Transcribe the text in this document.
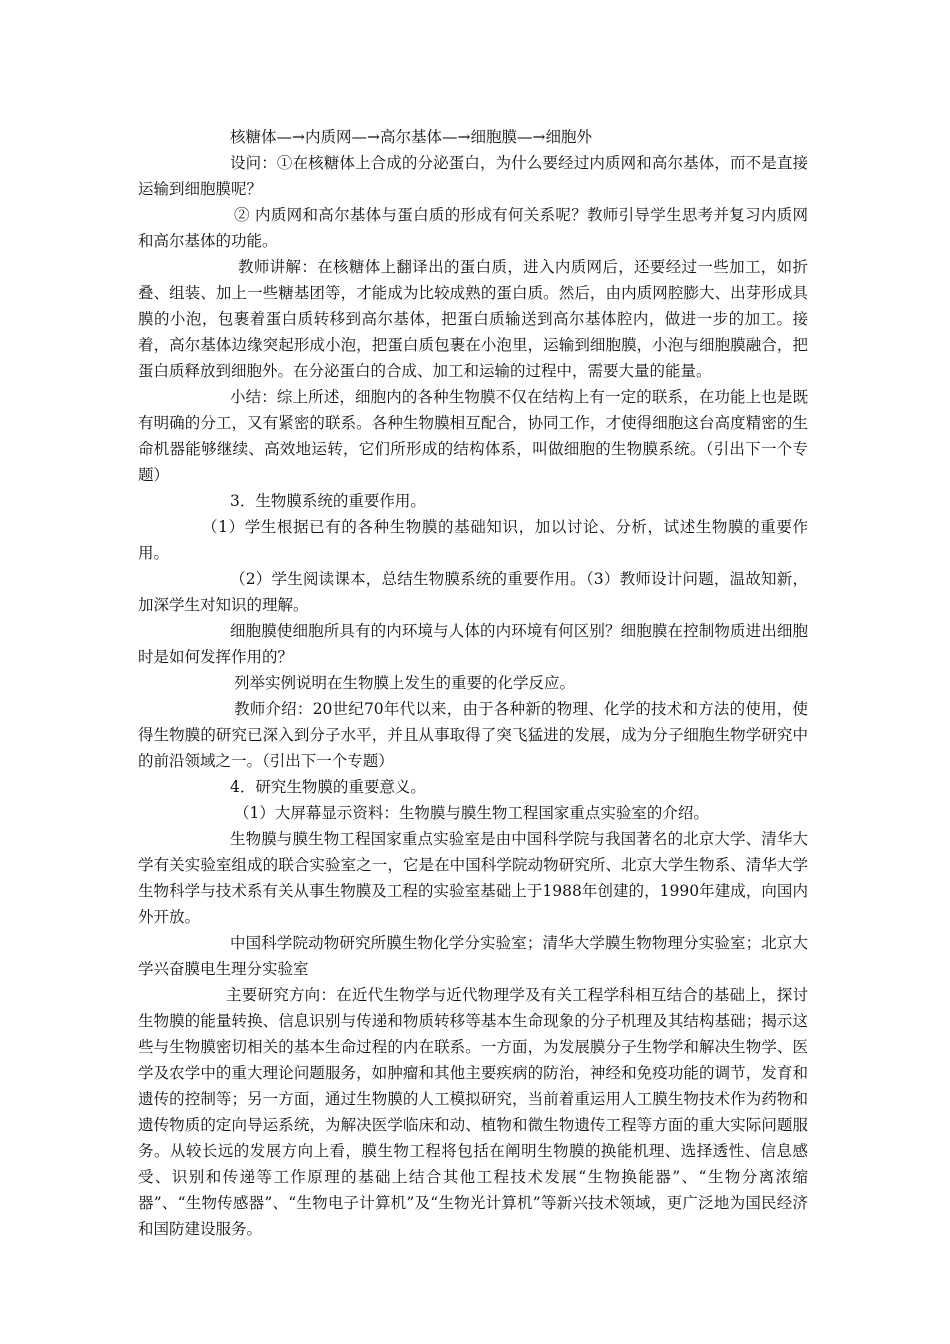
核糖体—→内质网—→高尔基体—→细胞膜—→细胞外

设问：①在核糖体上合成的分泌蛋白，为什么要经过内质网和高尔基体，而不是直接运输到细胞膜呢？

② 内质网和高尔基体与蛋白质的形成有何关系呢？教师引导学生思考并复习内质网和高尔基体的功能。

教师讲解：在核糖体上翻译出的蛋白质，进入内质网后，还要经过一些加工，如折叠、组装、加上一些糖基团等，才能成为比较成熟的蛋白质。然后，由内质网腔膨大、出芽形成具膜的小泡，包裹着蛋白质转移到高尔基体，把蛋白质输送到高尔基体腔内，做进一步的加工。接着，高尔基体边缘突起形成小泡，把蛋白质包裹在小泡里，运输到细胞膜，小泡与细胞膜融合，把蛋白质释放到细胞外。在分泌蛋白的合成、加工和运输的过程中，需要大量的能量。

小结：综上所述，细胞内的各种生物膜不仅在结构上有一定的联系，在功能上也是既有明确的分工，又有紧密的联系。各种生物膜相互配合，协同工作，才使得细胞这台高度精密的生命机器能够继续、高效地运转，它们所形成的结构体系，叫做细胞的生物膜系统。（引出下一个专题）

3．生物膜系统的重要作用。

（1）学生根据已有的各种生物膜的基础知识，加以讨论、分析，试述生物膜的重要作用。

（2）学生阅读课本，总结生物膜系统的重要作用。（3）教师设计问题，温故知新，加深学生对知识的理解。

细胞膜使细胞所具有的内环境与人体的内环境有何区别？细胞膜在控制物质进出细胞时是如何发挥作用的？

列举实例说明在生物膜上发生的重要的化学反应。

教师介绍：20世纪70年代以来，由于各种新的物理、化学的技术和方法的使用，使得生物膜的研究已深入到分子水平，并且从事取得了突飞猛进的发展，成为分子细胞生物学研究中的前沿领域之一。（引出下一个专题）

4．研究生物膜的重要意义。

（1）大屏幕显示资料：生物膜与膜生物工程国家重点实验室的介绍。

生物膜与膜生物工程国家重点实验室是由中国科学院与我国著名的北京大学、清华大学有关实验室组成的联合实验室之一，它是在中国科学院动物研究所、北京大学生物系、清华大学生物科学与技术系有关从事生物膜及工程的实验室基础上于1988年创建的，1990年建成，向国内外开放。

中国科学院动物研究所膜生物化学分实验室；清华大学膜生物物理分实验室；北京大学兴奋膜电生理分实验室

主要研究方向：在近代生物学与近代物理学及有关工程学科相互结合的基础上，探讨生物膜的能量转换、信息识别与传递和物质转移等基本生命现象的分子机理及其结构基础；揭示这些与生物膜密切相关的基本生命过程的内在联系。一方面，为发展膜分子生物学和解决生物学、医学及农学中的重大理论问题服务，如肿瘤和其他主要疾病的防治，神经和免疫功能的调节，发育和遗传的控制等；另一方面，通过生物膜的人工模拟研究，当前着重运用人工膜生物技术作为药物和遗传物质的定向导运系统，为解决医学临床和动、植物和微生物遗传工程等方面的重大实际问题服务。从较长远的发展方向上看，膜生物工程将包括在阐明生物膜的换能机理、选择透性、信息感受、识别和传递等工作原理的基础上结合其他工程技术发展“生物换能器”、“生物分离浓缩器”、“生物传感器”、“生物电子计算机”及“生物光计算机”等新兴技术领域，更广泛地为国民经济和国防建设服务。
